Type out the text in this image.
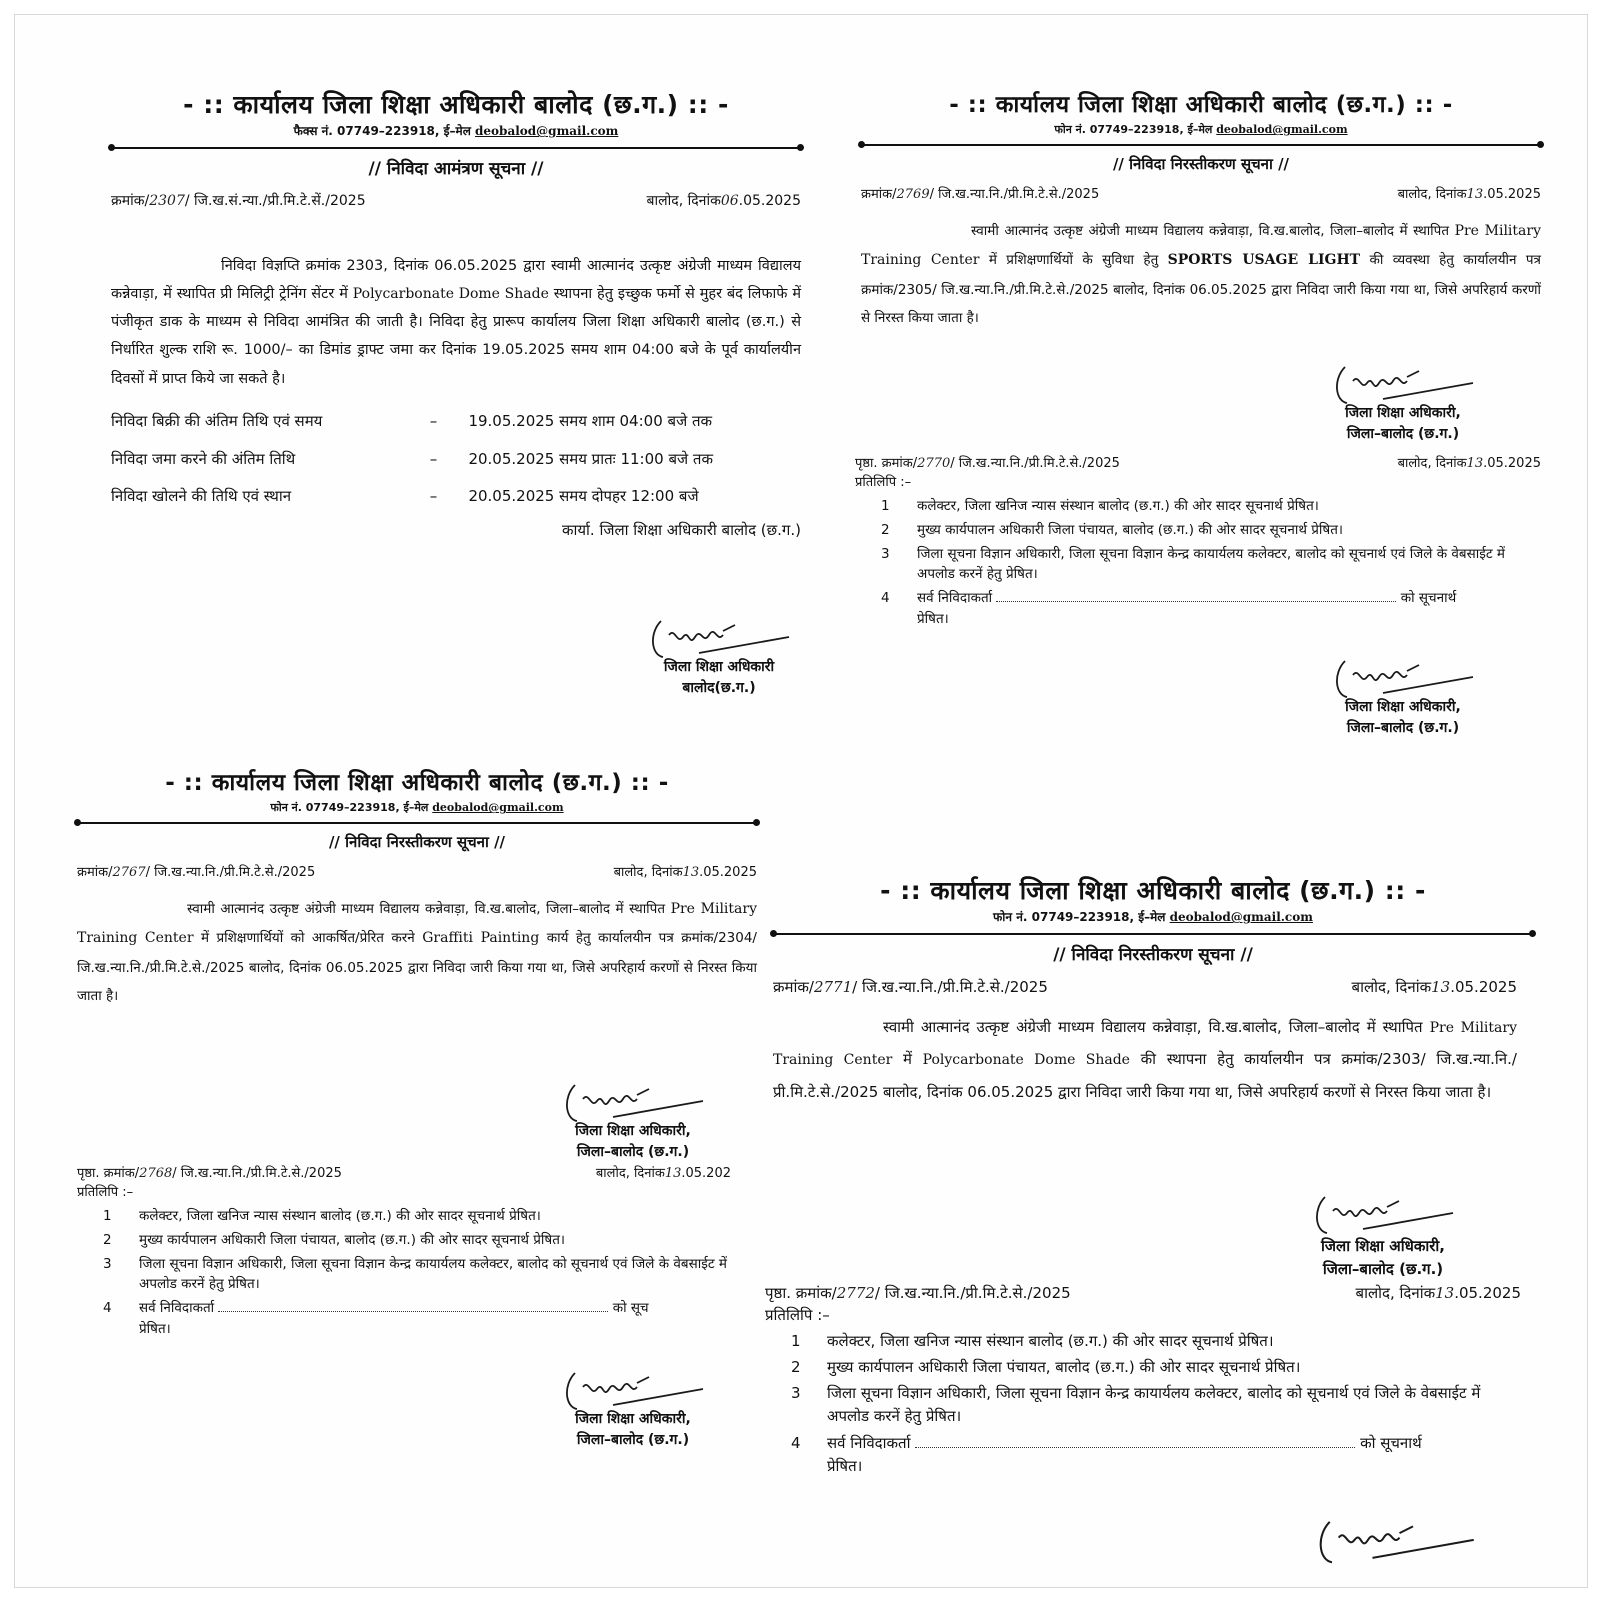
- :: कार्यालय जिला शिक्षा अधिकारी बालोद (छ.ग.) :: -
फैक्स नं. 07749–223918, ई–मेल deobalod@gmail.com
// निविदा आमंत्रण सूचना //
क्रमांक/2307/ जि.ख.सं.न्या./प्री.मि.टे.सें./2025	बालोद, दिनांक06.05.2025

निविदा विज्ञप्ति क्रमांक 2303, दिनांक 06.05.2025 द्वारा स्वामी आत्मानंद उत्कृष्ट अंग्रेजी माध्यम विद्यालय कन्नेवाड़ा, में स्थापित प्री मिलिट्री ट्रेनिंग सेंटर में Polycarbonate Dome Shade स्थापना हेतु इच्छुक फर्मो से मुहर बंद लिफाफे में पंजीकृत डाक के माध्यम से निविदा आमंत्रित की जाती है। निविदा हेतु प्रारूप कार्यालय जिला शिक्षा अधिकारी बालोद (छ.ग.) से निर्धारित शुल्क राशि रू. 1000/– का डिमांड ड्राफ्ट जमा कर दिनांक 19.05.2025 समय शाम 04:00 बजे के पूर्व कार्यालयीन दिवसों में प्राप्त किये जा सकते है।

निविदा बिक्री की अंतिम तिथि एवं समय	–	19.05.2025 समय शाम 04:00 बजे तक
निविदा जमा करने की अंतिम तिथि	–	20.05.2025 समय प्रातः 11:00 बजे तक
निविदा खोलने की तिथि एवं स्थान	–	20.05.2025 समय दोपहर 12:00 बजे
कार्या. जिला शिक्षा अधिकारी बालोद (छ.ग.)
जिला शिक्षा अधिकारी
बालोद(छ.ग.)
- :: कार्यालय जिला शिक्षा अधिकारी बालोद (छ.ग.) :: -
फोन नं. 07749–223918, ई–मेल deobalod@gmail.com
// निविदा निरस्तीकरण सूचना //
क्रमांक/2769/ जि.ख.न्या.नि./प्री.मि.टे.से./2025	बालोद, दिनांक13.05.2025

स्वामी आत्मानंद उत्कृष्ट अंग्रेजी माध्यम विद्यालय कन्नेवाड़ा, वि.ख.बालोद, जिला–बालोद में स्थापित Pre Military Training Center में प्रशिक्षणार्थियों के सुविधा हेतु SPORTS USAGE LIGHT की व्यवस्था हेतु कार्यालयीन पत्र क्रमांक/2305/ जि.ख.न्या.नि./प्री.मि.टे.से./2025 बालोद, दिनांक 06.05.2025 द्वारा निविदा जारी किया गया था, जिसे अपरिहार्य करणों से निरस्त किया जाता है।

जिला शिक्षा अधिकारी,
जिला–बालोद (छ.ग.)
पृष्ठा. क्रमांक/2770/ जि.ख.न्या.नि./प्री.मि.टे.से./2025	बालोद, दिनांक13.05.2025
प्रतिलिपि :–
1	कलेक्टर, जिला खनिज न्यास संस्थान बालोद (छ.ग.) की ओर सादर सूचनार्थ प्रेषित।
2	मुख्य कार्यपालन अधिकारी जिला पंचायत, बालोद (छ.ग.) की ओर सादर सूचनार्थ प्रेषित।
3	जिला सूचना विज्ञान अधिकारी, जिला सूचना विज्ञान केन्द्र कायार्यलय कलेक्टर, बालोद को सूचनार्थ एवं जिले के वेबसाईट में अपलोड करनें हेतु प्रेषित।
4	सर्व निविदाकर्ता	को सूचनार्थ
प्रेषित।
जिला शिक्षा अधिकारी,
जिला–बालोद (छ.ग.)
- :: कार्यालय जिला शिक्षा अधिकारी बालोद (छ.ग.) :: -
फोन नं. 07749–223918, ई–मेल deobalod@gmail.com
// निविदा निरस्तीकरण सूचना //
क्रमांक/2767/ जि.ख.न्या.नि./प्री.मि.टे.से./2025	बालोद, दिनांक13.05.2025

स्वामी आत्मानंद उत्कृष्ट अंग्रेजी माध्यम विद्यालय कन्नेवाड़ा, वि.ख.बालोद, जिला–बालोद में स्थापित Pre Military Training Center में प्रशिक्षणार्थियों को आकर्षित/प्रेरित करने Graffiti Painting कार्य हेतु कार्यालयीन पत्र क्रमांक/2304/जि.ख.न्या.नि./प्री.मि.टे.से./2025 बालोद, दिनांक 06.05.2025 द्वारा निविदा जारी किया गया था, जिसे अपरिहार्य करणों से निरस्त किया जाता है।

जिला शिक्षा अधिकारी,
जिला–बालोद (छ.ग.)
पृष्ठा. क्रमांक/2768/ जि.ख.न्या.नि./प्री.मि.टे.से./2025	बालोद, दिनांक13.05.202
प्रतिलिपि :–
1	कलेक्टर, जिला खनिज न्यास संस्थान बालोद (छ.ग.) की ओर सादर सूचनार्थ प्रेषित।
2	मुख्य कार्यपालन अधिकारी जिला पंचायत, बालोद (छ.ग.) की ओर सादर सूचनार्थ प्रेषित।
3	जिला सूचना विज्ञान अधिकारी, जिला सूचना विज्ञान केन्द्र कायार्यलय कलेक्टर, बालोद को सूचनार्थ एवं जिले के वेबसाईट में अपलोड करनें हेतु प्रेषित।
4	सर्व निविदाकर्ता	को सूच
प्रेषित।
जिला शिक्षा अधिकारी,
जिला–बालोद (छ.ग.)
- :: कार्यालय जिला शिक्षा अधिकारी बालोद (छ.ग.) :: -
फोन नं. 07749–223918, ई–मेल deobalod@gmail.com
// निविदा निरस्तीकरण सूचना //
क्रमांक/2771/ जि.ख.न्या.नि./प्री.मि.टे.से./2025	बालोद, दिनांक13.05.2025

स्वामी आत्मानंद उत्कृष्ट अंग्रेजी माध्यम विद्यालय कन्नेवाड़ा, वि.ख.बालोद, जिला–बालोद में स्थापित Pre Military Training Center में Polycarbonate Dome Shade की स्थापना हेतु कार्यालयीन पत्र क्रमांक/2303/ जि.ख.न्या.नि./प्री.मि.टे.से./2025 बालोद, दिनांक 06.05.2025 द्वारा निविदा जारी किया गया था, जिसे अपरिहार्य करणों से निरस्त किया जाता है।

जिला शिक्षा अधिकारी,
जिला–बालोद (छ.ग.)
पृष्ठा. क्रमांक/2772/ जि.ख.न्या.नि./प्री.मि.टे.से./2025	बालोद, दिनांक13.05.2025
प्रतिलिपि :–
1	कलेक्टर, जिला खनिज न्यास संस्थान बालोद (छ.ग.) की ओर सादर सूचनार्थ प्रेषित।
2	मुख्य कार्यपालन अधिकारी जिला पंचायत, बालोद (छ.ग.) की ओर सादर सूचनार्थ प्रेषित।
3	जिला सूचना विज्ञान अधिकारी, जिला सूचना विज्ञान केन्द्र कायार्यलय कलेक्टर, बालोद को सूचनार्थ एवं जिले के वेबसाईट में अपलोड करनें हेतु प्रेषित।
4	सर्व निविदाकर्ता	को सूचनार्थ
प्रेषित।
